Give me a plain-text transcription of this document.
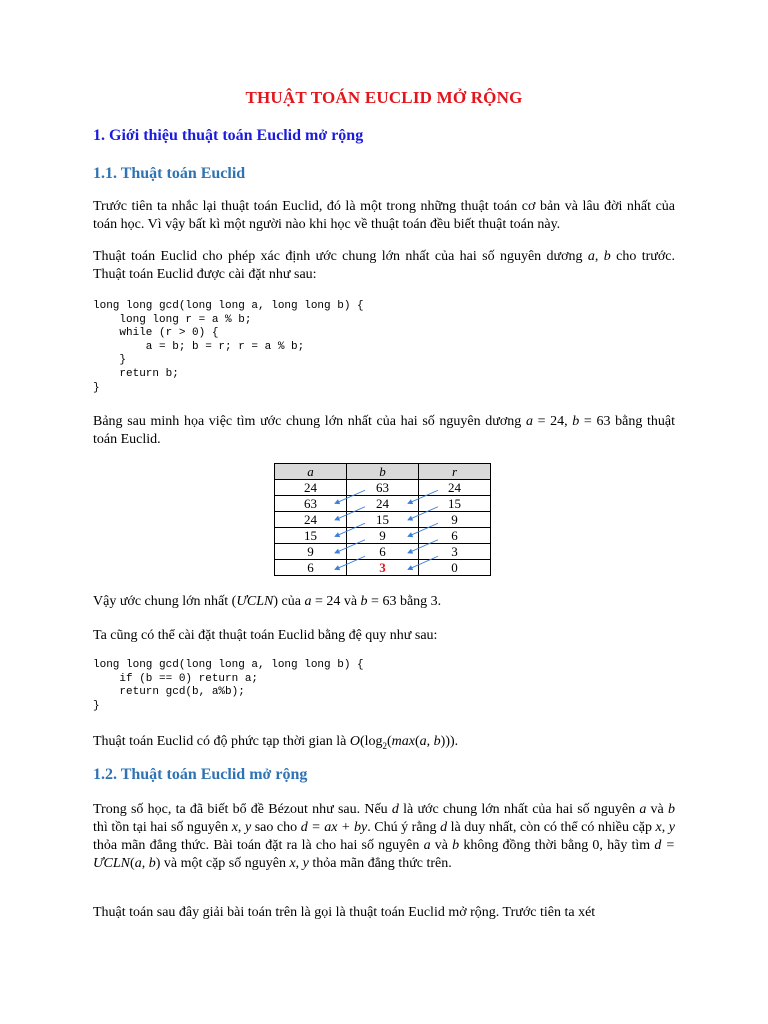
THUẬT TOÁN EUCLID MỞ RỘNG
1. Giới thiệu thuật toán Euclid mở rộng
1.1. Thuật toán Euclid

Trước tiên ta nhắc lại thuật toán Euclid, đó là một trong những thuật toán cơ bản và lâu đời nhất của toán học. Vì vậy bất kì một người nào khi học về thuật toán đều biết thuật toán này.

Thuật toán Euclid cho phép xác định ước chung lớn nhất của hai số nguyên dương a, b cho trước. Thuật toán Euclid được cài đặt như sau:

long long gcd(long long a, long long b) {
long long r = a % b;
while (r > 0) {
a = b; b = r; r = a % b;
}
return b;
}

Bảng sau minh họa việc tìm ước chung lớn nhất của hai số nguyên dương a = 24, b = 63 bằng thuật toán Euclid.

a	b	r
24	63	24
63	24	15
24	15	9
15	9	6
9	6	3
6	3	0

Vậy ước chung lớn nhất (ƯCLN) của a = 24 và b = 63 bằng 3.

Ta cũng có thể cài đặt thuật toán Euclid bằng đệ quy như sau:

long long gcd(long long a, long long b) {
if (b == 0) return a;
return gcd(b, a%b);
}

Thuật toán Euclid có độ phức tạp thời gian là $O(\log_2(\max(a$, b))).

1.2. Thuật toán Euclid mở rộng

Trong số học, ta đã biết bổ đề Bézout như sau. Nếu d là ước chung lớn nhất của hai số nguyên a và b thì tồn tại hai số nguyên x, y sao cho d = ax + by. Chú ý rằng d là duy nhất, còn có thể có nhiều cặp x, y thỏa mãn đẳng thức. Bài toán đặt ra là cho hai số nguyên a và b không đồng thời bằng 0, hãy tìm d = ƯCLN(a, b) và một cặp số nguyên x, y thỏa mãn đẳng thức trên.

Thuật toán sau đây giải bài toán trên là gọi là thuật toán Euclid mở rộng. Trước tiên ta xét
